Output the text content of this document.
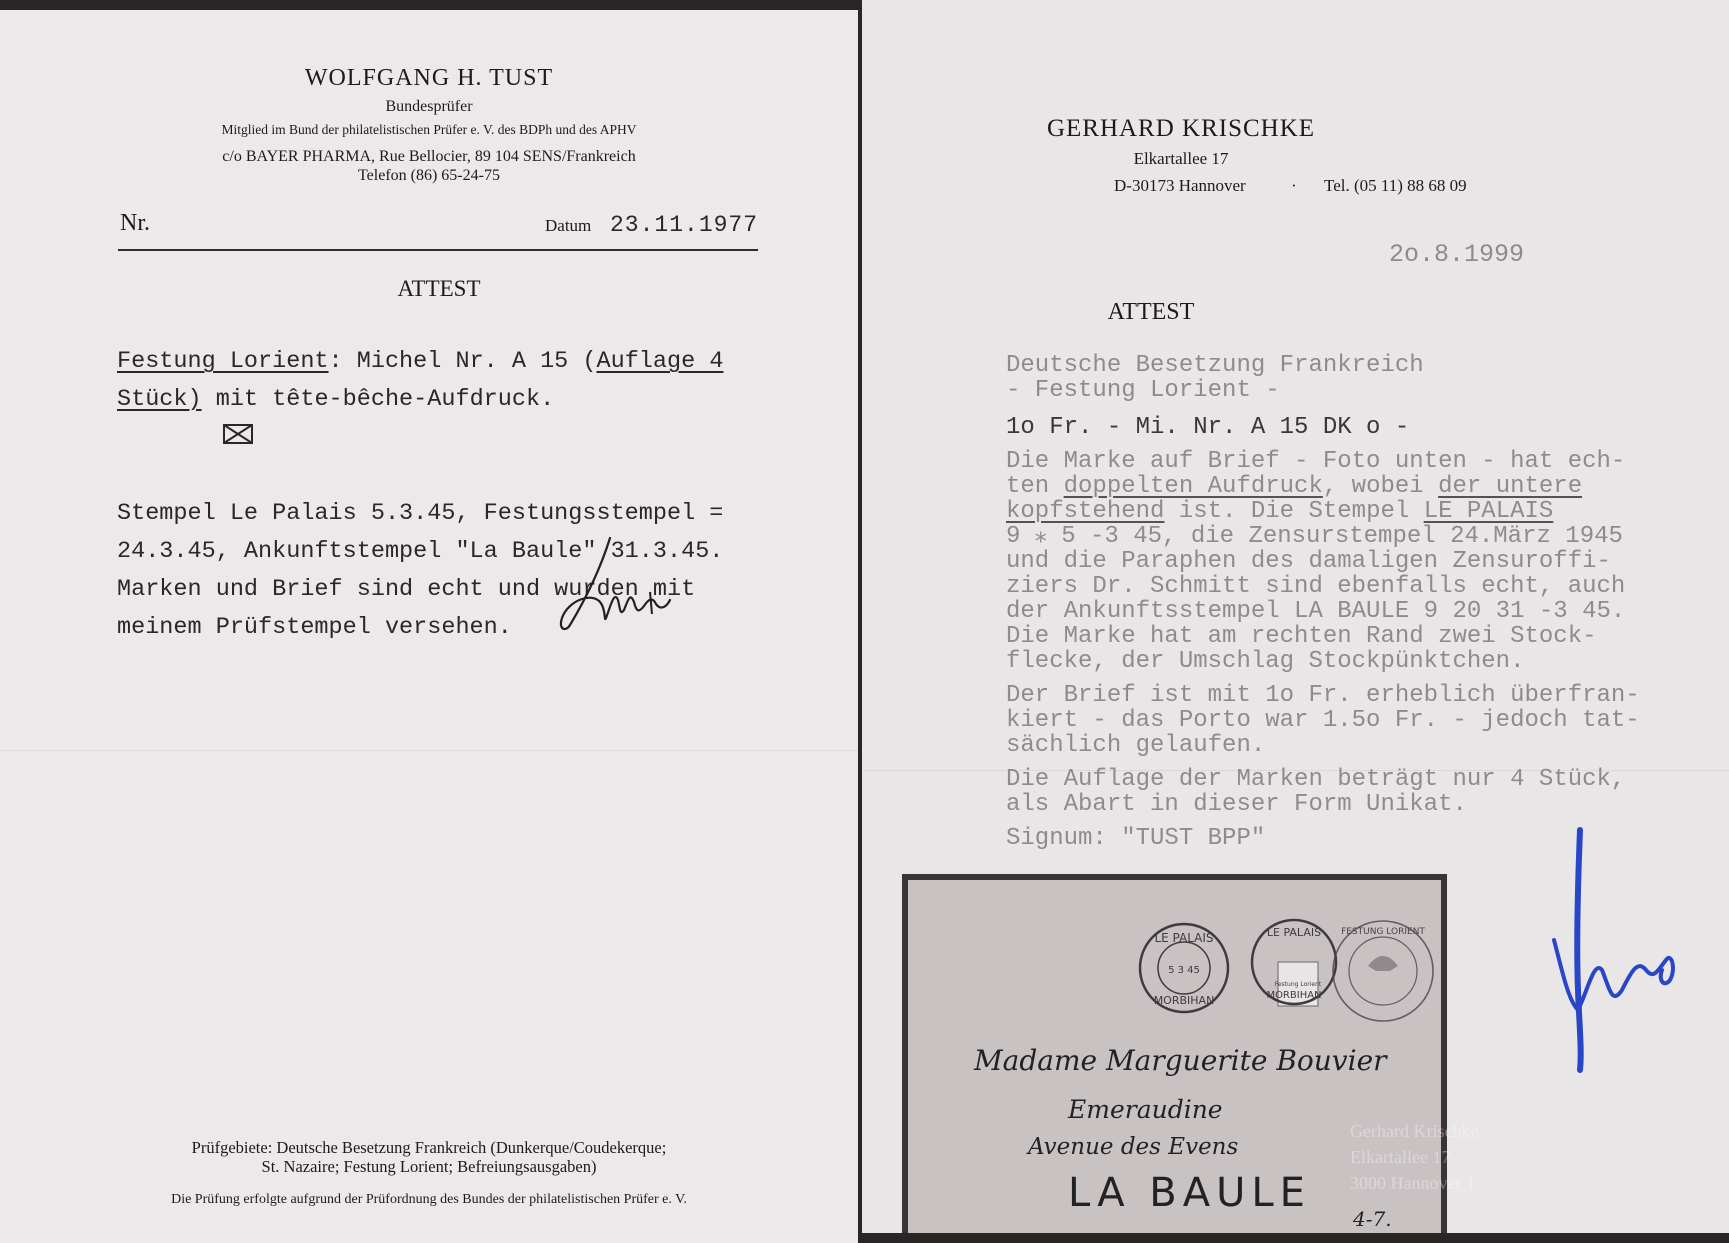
WOLFGANG H. TUST
Bundesprüfer
Mitglied im Bund der philatelistischen Prüfer e. V. des BDPh und des APHV
c/o BAYER PHARMA, Rue Bellocier, 89 104 SENS/Frankreich
Telefon (86) 65-24-75
Nr.	Datum 23.11.1977
ATTEST
Festung Lorient: Michel Nr. A 15 (Auflage 4
Stück) mit tête-bêche-Aufdruck.

Stempel Le Palais 5.3.45, Festungsstempel =
24.3.45, Ankunftstempel "La Baule" 31.3.45.
Marken und Brief sind echt und wurden mit
meinem Prüfstempel versehen.
Prüfgebiete: Deutsche Besetzung Frankreich (Dunkerque/Coudekerque;
St. Nazaire; Festung Lorient; Befreiungsausgaben)
Die Prüfung erfolgte aufgrund der Prüfordnung des Bundes der philatelistischen Prüfer e. V.
GERHARD KRISCHKE
Elkartallee 17
D-30173 Hannover	· Tel. (05 11) 88 68 09
2o.8.1999
ATTEST
Deutsche Besetzung Frankreich
- Festung Lorient -
1o Fr. - Mi. Nr. A 15 DK o -
Die Marke auf Brief - Foto unten - hat ech-
ten doppelten Aufdruck, wobei der untere
kopfstehend ist. Die Stempel LE PALAIS
9 ⁎ 5 -3 45, die Zensurstempel 24.März 1945
und die Paraphen des damaligen Zensuroffi-
ziers Dr. Schmitt sind ebenfalls echt, auch
der Ankunftsstempel LA BAULE 9 20 31 -3 45.
Die Marke hat am rechten Rand zwei Stock-
flecke, der Umschlag Stockpünktchen.
Der Brief ist mit 1o Fr. erheblich überfran-
kiert - das Porto war 1.5o Fr. - jedoch tat-
sächlich gelaufen.
Die Auflage der Marken beträgt nur 4 Stück,
als Abart in dieser Form Unikat.
Signum: "TUST BPP"
LE PALAIS
MORBIHAN
5 3 45
LE PALAIS
MORBIHAN
Festung Lorient
FESTUNG LORIENT
Madame Marguerite Bouvier
Emeraudine
Avenue des Evens
LA BAULE
4-7.
Gerhard Krischke
Elkartallee 17
3000 Hannover 1
